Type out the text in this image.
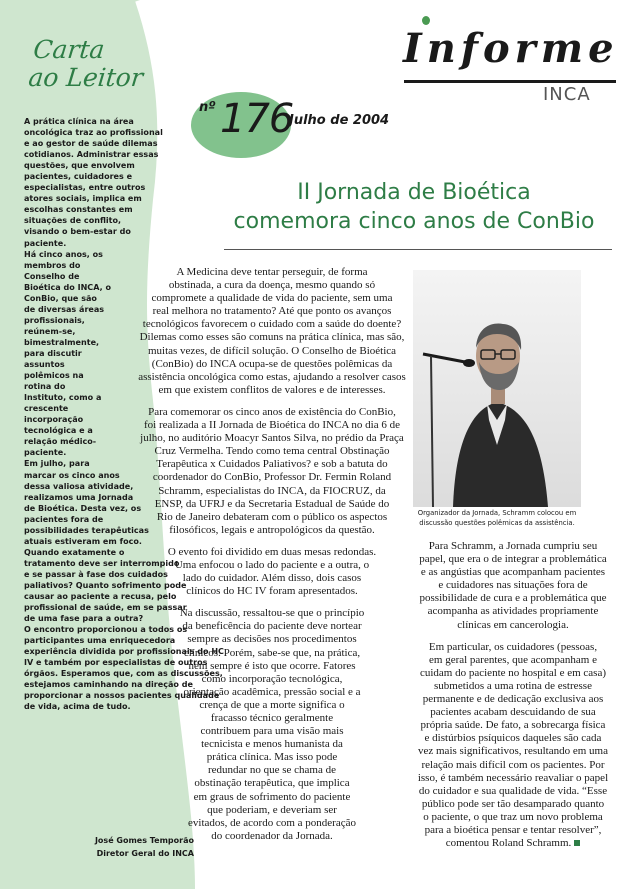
Carta
ao Leitor
A prática clínica na área
oncológica traz ao profissional
e ao gestor de saúde dilemas
cotidianos. Administrar essas
questões, que envolvem
pacientes, cuidadores e
especialistas, entre outros
atores sociais, implica em
escolhas constantes em
situações de conflito,
visando o bem-estar do
paciente.
Há cinco anos, os
membros do
Conselho de
Bioética do INCA, o
ConBio, que são
de diversas áreas
profissionais,
reúnem-se,
bimestralmente,
para discutir
assuntos
polêmicos na
rotina do
Instituto, como a
crescente
incorporação
tecnológica e a
relação médico-
paciente.
Em julho, para
marcar os cinco anos
dessa valiosa atividade,
realizamos uma Jornada
de Bioética. Desta vez, os
pacientes fora de
possibilidades terapêuticas
atuais estiveram em foco.
Quando exatamente o
tratamento deve ser interrompido
e se passar à fase dos cuidados
paliativos? Quanto sofrimento pode
causar ao paciente a recusa, pelo
profissional de saúde, em se passar
de uma fase para a outra?
O encontro proporcionou a todos os
participantes uma enriquecedora
experiência dividida por profissionais do HC
IV e também por especialistas de outros
órgãos. Esperamos que, com as discussões,
estejamos caminhando na direção de
proporcionar a nossos pacientes qualidade
de vida, acima de tudo.
José Gomes Temporão
Diretor Geral do INCA
Informe
INCA
nº 176
Julho de 2004
II Jornada de Bioética
comemora cinco anos de ConBio
A Medicina deve tentar perseguir, de forma
obstinada, a cura da doença, mesmo quando só
compromete a qualidade de vida do paciente, sem uma
real melhora no tratamento? Até que ponto os avanços
tecnológicos favorecem o cuidado com a saúde do doente?
Dilemas como esses são comuns na prática clínica, mas são,
muitas vezes, de difícil solução. O Conselho de Bioética
(ConBio) do INCA ocupa-se de questões polêmicas da
assistência oncológica como estas, ajudando a resolver casos
em que existem conflitos de valores e de interesses.
Para comemorar os cinco anos de existência do ConBio,
foi realizada a II Jornada de Bioética do INCA no dia 6 de
julho, no auditório Moacyr Santos Silva, no prédio da Praça
Cruz Vermelha. Tendo como tema central Obstinação
Terapêutica x Cuidados Paliativos? e sob a batuta do
coordenador do ConBio, Professor Dr. Fermin Roland
Schramm, especialistas do INCA, da FIOCRUZ, da
ENSP, da UFRJ e da Secretaria Estadual de Saúde do
Rio de Janeiro debateram com o público os aspectos
filosóficos, legais e antropológicos da questão.
O evento foi dividido em duas mesas redondas.
Uma enfocou o lado do paciente e a outra, o
lado do cuidador. Além disso, dois casos
clínicos do HC IV foram apresentados.
Na discussão, ressaltou-se que o princípio
da beneficência do paciente deve nortear
sempre as decisões nos procedimentos
clínicos. Porém, sabe-se que, na prática,
nem sempre é isto que ocorre. Fatores
como incorporação tecnológica,
orientação acadêmica, pressão social e a
crença de que a morte significa o
fracasso técnico geralmente
contribuem para uma visão mais
tecnicista e menos humanista da
prática clínica. Mas isso pode
redundar no que se chama de
obstinação terapêutica, que implica
em graus de sofrimento do paciente
que poderiam, e deveriam ser
evitados, de acordo com a ponderação
do coordenador da Jornada.
Organizador da Jornada, Schramm colocou em
discussão questões polêmicas da assistência.
Para Schramm, a Jornada cumpriu seu
papel, que era o de integrar a problemática
e as angústias que acompanham pacientes
e cuidadores nas situações fora de
possibilidade de cura e a problemática que
acompanha as atividades propriamente
clínicas em cancerologia.
Em particular, os cuidadores (pessoas,
em geral parentes, que acompanham e
cuidam do paciente no hospital e em casa)
submetidos a uma rotina de estresse
permanente e de dedicação exclusiva aos
pacientes acabam descuidando de sua
própria saúde. De fato, a sobrecarga física
e distúrbios psíquicos daqueles são cada
vez mais significativos, resultando em uma
relação mais difícil com os pacientes. Por
isso, é também necessário reavaliar o papel
do cuidador e sua qualidade de vida. “Esse
público pode ser tão desamparado quanto
o paciente, o que traz um novo problema
para a bioética pensar e tentar resolver”,
comentou Roland Schramm.
